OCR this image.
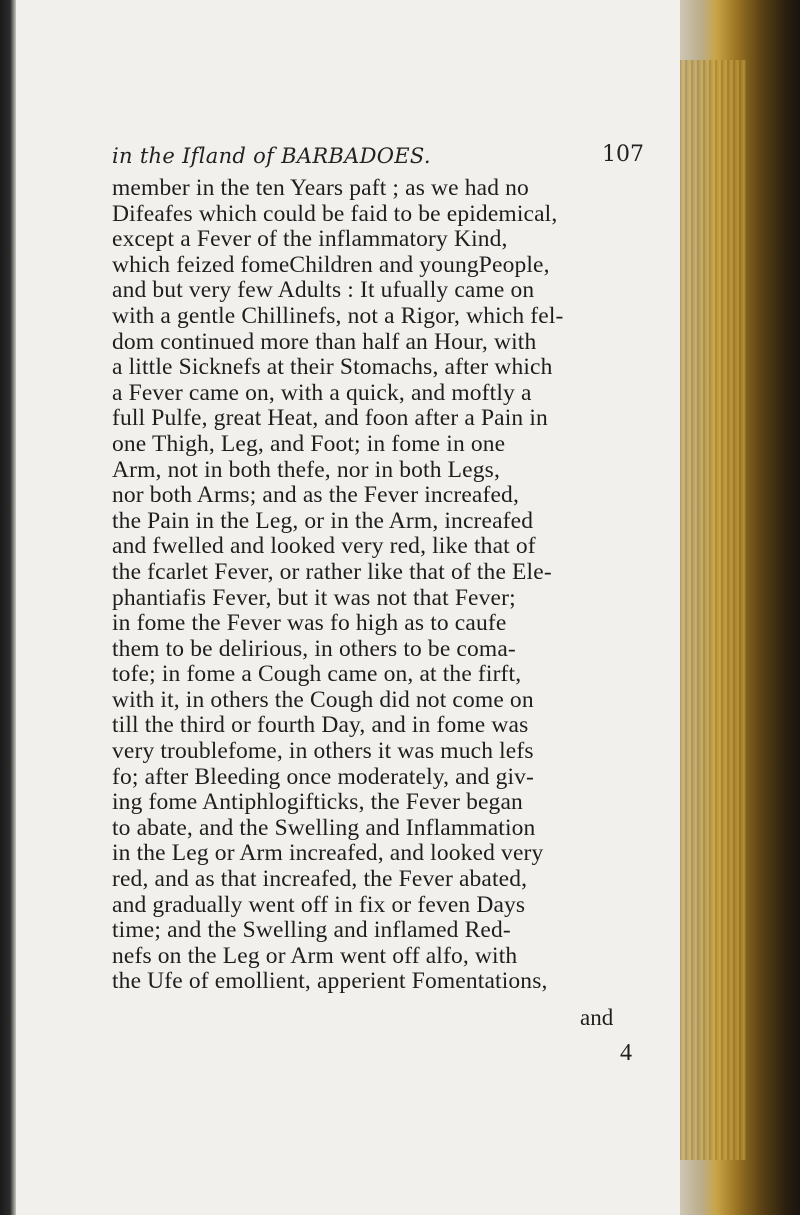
in the Ifland of BARBADOES.	107
member in the ten Years paft ; as we had no
Difeafes which could be faid to be epidemical,
except a Fever of the inflammatory Kind,
which feized fomeChildren and youngPeople,
and but very few Adults : It ufually came on
with a gentle Chillinefs, not a Rigor, which fel-
dom continued more than half an Hour, with
a little Sicknefs at their Stomachs, after which
a Fever came on, with a quick, and moftly a
full Pulfe, great Heat, and foon after a Pain in
one Thigh, Leg, and Foot; in fome in one
Arm, not in both thefe, nor in both Legs,
nor both Arms; and as the Fever increafed,
the Pain in the Leg, or in the Arm, increafed
and fwelled and looked very red, like that of
the fcarlet Fever, or rather like that of the Ele-
phantiafis Fever, but it was not that Fever;
in fome the Fever was fo high as to caufe
them to be delirious, in others to be coma-
tofe; in fome a Cough came on, at the firft,
with it, in others the Cough did not come on
till the third or fourth Day, and in fome was
very troublefome, in others it was much lefs
fo; after Bleeding once moderately, and giv-
ing fome Antiphlogifticks, the Fever began
to abate, and the Swelling and Inflammation
in the Leg or Arm increafed, and looked very
red, and as that increafed, the Fever abated,
and gradually went off in fix or feven Days
time; and the Swelling and inflamed Red-
nefs on the Leg or Arm went off alfo, with
the Ufe of emollient, apperient Fomentations,
and
4
